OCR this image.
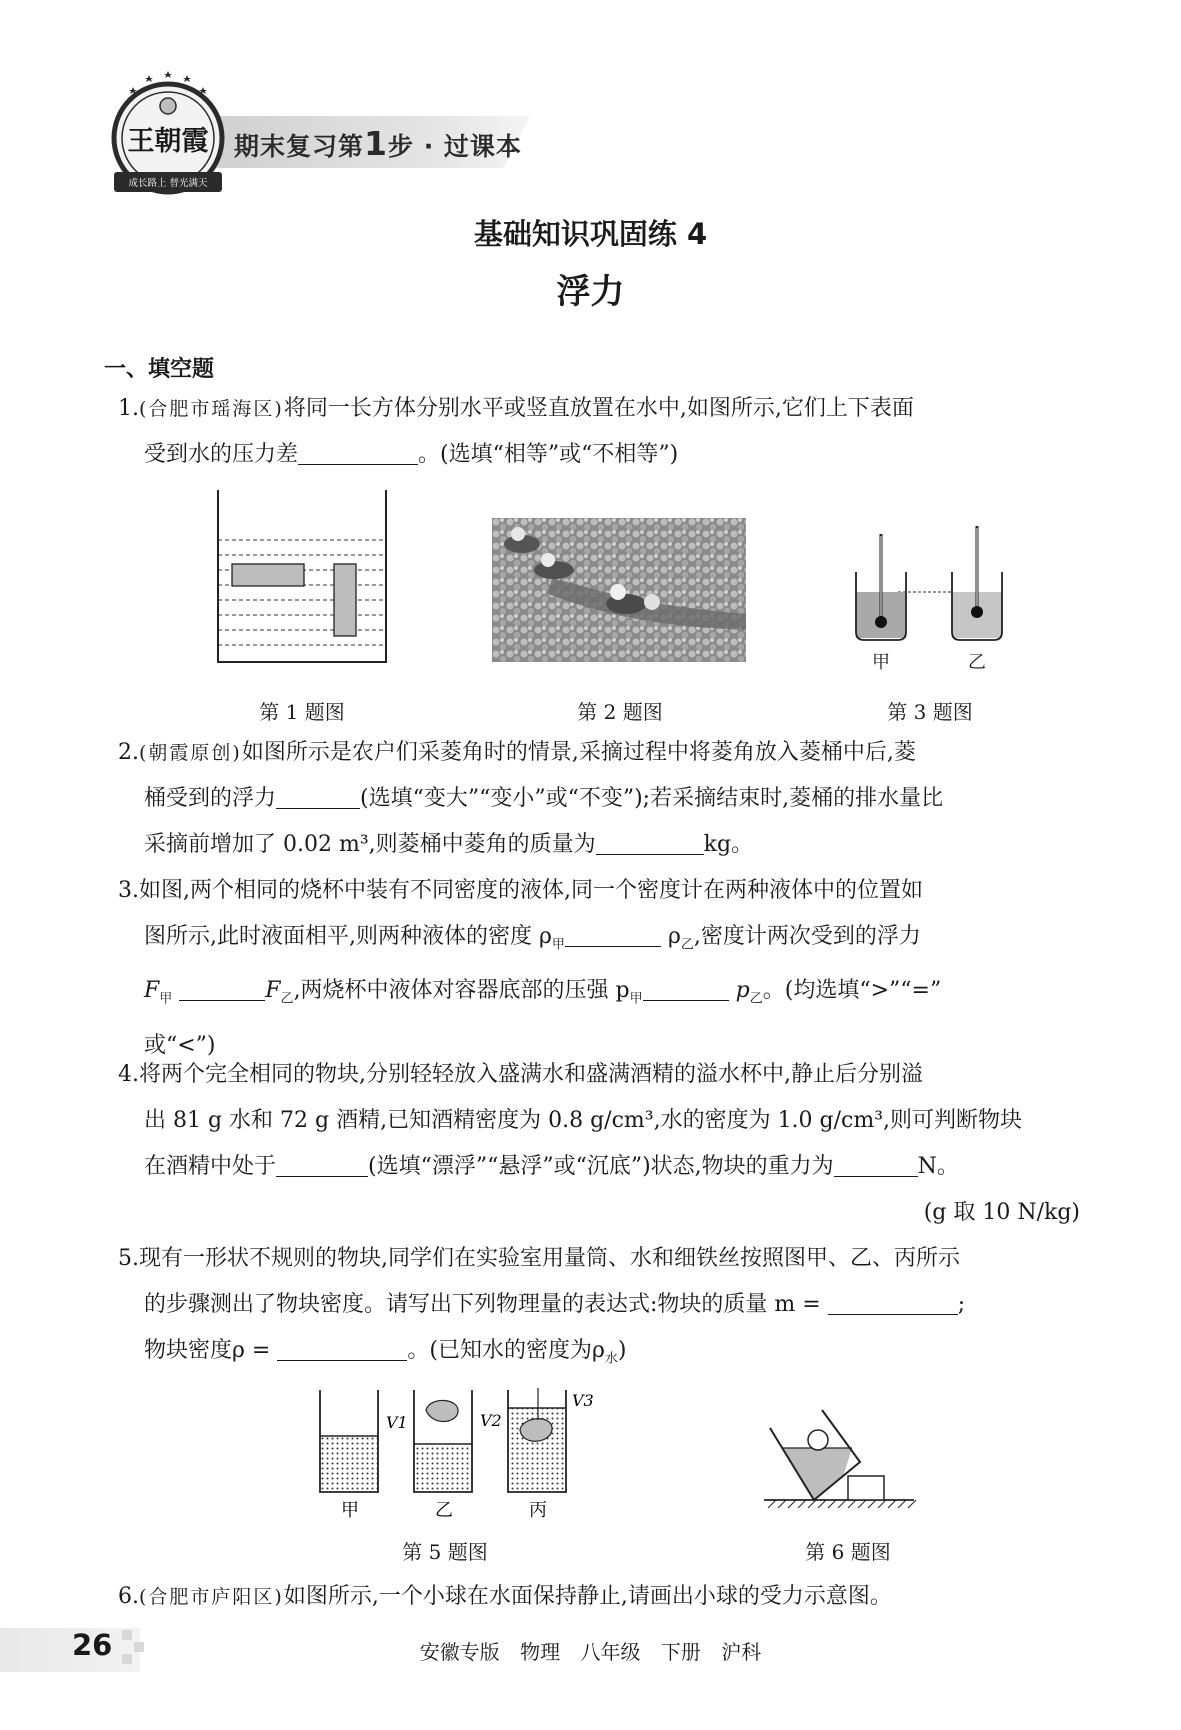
期末复习第1步 · 过课本
王朝霞
成长路上 替光满天
基础知识巩固练 4
浮力
一、填空题

1.(合肥市瑶海区)将同一长方体分别水平或竖直放置在水中,如图所示,它们上下表面

受到水的压力差	。(选填“相等”或“不相等”)

第 1 题图	第 2 题图
甲	乙
第 3 题图

2.(朝霞原创)如图所示是农户们采菱角时的情景,采摘过程中将菱角放入菱桶中后,菱

桶受到的浮力	(选填“变大”“变小”或“不变”);若采摘结束时,菱桶的排水量比

采摘前增加了 0.02 m³,则菱桶中菱角的质量为	kg。

3.如图,两个相同的烧杯中装有不同密度的液体,同一个密度计在两种液体中的位置如

图所示,此时液面相平,则两种液体的密度 $\rho_甲$	$\rho_乙$,密度计两次受到的浮力

$F_甲$	$F_乙$,两烧杯中液体对容器底部的压强 $p_甲$	$p_乙$。(均选填“>”“=”

或“<”)

4.将两个完全相同的物块,分别轻轻放入盛满水和盛满酒精的溢水杯中,静止后分别溢

出 81 g 水和 72 g 酒精,已知酒精密度为 0.8 g/cm³,水的密度为 1.0 g/cm³,则可判断物块

在酒精中处于	(选填“漂浮”“悬浮”或“沉底”)状态,物块的重力为	N。

(g 取 10 N/kg)

5.现有一形状不规则的物块,同学们在实验室用量筒、水和细铁丝按照图甲、乙、丙所示

的步骤测出了物块密度。请写出下列物理量的表达式:物块的质量 m =	;

物块密度ρ =	。(已知水的密度为$\rho_水$)

V1	V2
V3
甲	乙	丙
第 5 题图	第 6 题图

6.(合肥市庐阳区)如图所示,一个小球在水面保持静止,请画出小球的受力示意图。

26	安徽专版 物理 八年级 下册 沪科
